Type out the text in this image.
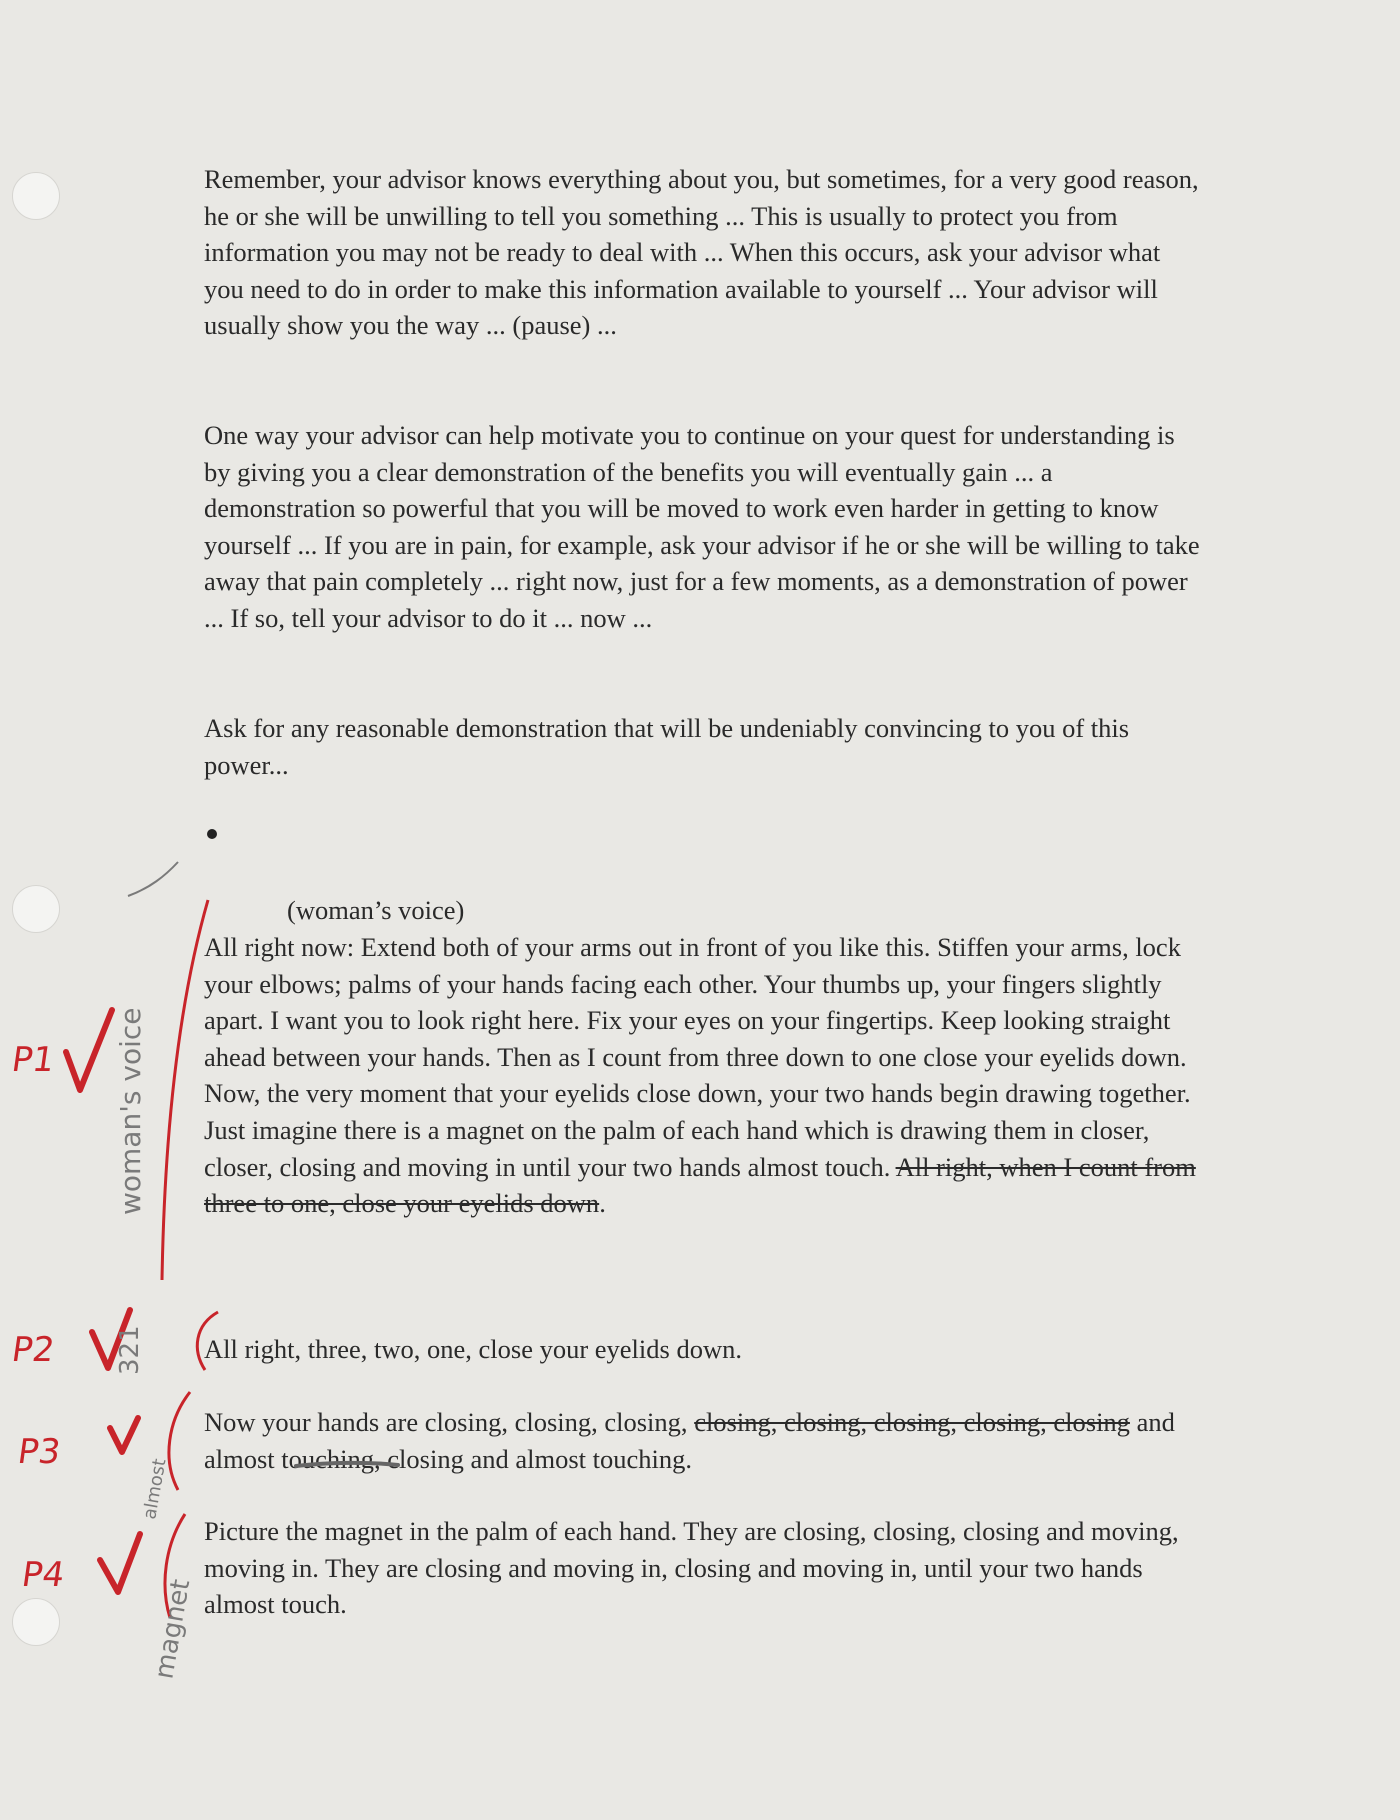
Remember, your advisor knows everything about you, but sometimes, for a very good reason, he or she will be unwilling to tell you something ... This is usually to protect you from information you may not be ready to deal with ... When this occurs, ask your advisor what you need to do in order to make this information available to yourself ... Your advisor will usually show you the way ... (pause) ...

One way your advisor can help motivate you to continue on your quest for understanding is by giving you a clear demonstration of the benefits you will eventually gain ... a demonstration so powerful that you will be moved to work even harder in getting to know yourself ... If you are in pain, for example, ask your advisor if he or she will be willing to take away that pain completely ... right now, just for a few moments, as a demonstration of power ... If so, tell your advisor to do it ... now ...

Ask for any reasonable demonstration that will be undeniably convincing to you of this power...

(woman’s voice)

All right now: Extend both of your arms out in front of you like this. Stiffen your arms, lock your elbows; palms of your hands facing each other. Your thumbs up, your fingers slightly apart. I want you to look right here. Fix your eyes on your fingertips. Keep looking straight ahead between your hands. Then as I count from three down to one close your eyelids down. Now, the very moment that your eyelids close down, your two hands begin drawing together. Just imagine there is a magnet on the palm of each hand which is drawing them in closer, closer, closing and moving in until your two hands almost touch. All right, when I count from three to one, close your eyelids down.

All right, three, two, one, close your eyelids down.

Now your hands are closing, closing, closing, closing, closing, closing, closing, closing and almost touching, closing and almost touching.

Picture the magnet in the palm of each hand. They are closing, closing, closing and moving, moving in. They are closing and moving in, closing and moving in, until your two hands almost touch.

P1
P2
P3
P4
woman's voice
321
almost
magnet
